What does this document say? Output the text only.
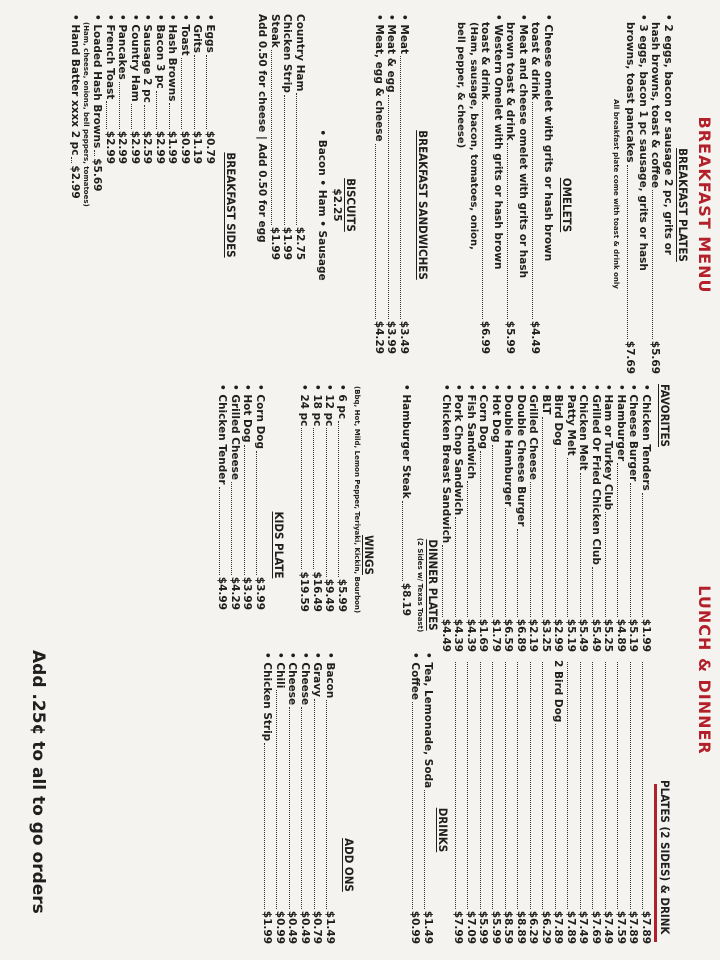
BREAKFAST MENU
BREAKFAST PLATES
• 2 eggs, bacon or sausage 2 pc, grits or
hash browns, toast & coffee
$5.69
• 3 eggs, bacon 1 pc sausage, grits or hash
browns, toast pancakes
$7.69
All breakfast plate come with toast & drink only
OMELETS
• Cheese omelet with grits or hash brown
toast & drink
$4.49
• Meat and cheese omelet with grits or hash
brown toast & drink
$5.99
• Western Omelet with grits or hash brown
toast & drink
$6.99
(Ham, sausage, bacon, tomatoes, onion,
bell pepper, & cheese)
BREAKFAST SANDWICHES
• Meat
$3.49
• Meat & egg
$3.99
• Meat, egg & cheese
$4.29
BISCUITS
$2.25
• Bacon • Ham • Sausage
Country Ham
$2.75
Chicken Strip
$1.99
Steak
$1.99
Add 0.50 for cheese | Add 0.50 for egg
BREAKFAST SIDES
• Eggs
$0.79
• Grits
$1.19
• Toast
$0.99
• Hash Browns
$1.99
• Bacon 3 pc
$2.99
• Sausage 2 pc
$2.59
• Country Ham
$2.99
• Pancakes
$2.99
• French Toast
$2.99
• Loaded Hash Browns
$5.69
(Ham, cheese, onions, bell peppers, tomatoes)
• Hand Batter xxxx 2 pc
$2.99
LUNCH & DINNER
FAVORITES
PLATES (2 SIDES) & DRINK
• Chicken Tenders
$1.99
$7.89
• Cheese Burger
$5.19
$7.89
• Hamburger
$4.89
$7.59
• Ham or Turkey Club
$5.25
$7.49
• Grilled Or Fried Chicken Club
$5.49
$7.69
• Chicken Melt
$5.49
$7.49
• Patty Melt
$5.19
$7.89
• Bird Dog
$2.99
2 Bird Dog
$7.89
• BLT
$3.25
$6.29
• Grilled Cheese
$2.19
$6.29
• Double Cheese Burger
$6.89
$8.89
• Double Hamburger
$6.59
$8.59
• Hot Dog
$1.79
$5.99
• Corn Dog
$1.69
$5.99
• Fish Sandwich
$4.39
$7.09
• Pork Chop Sandwich
$4.39
$7.99
• Chicken Breast Sandwich
$4.49
DINNER PLATES
(2 Sides w/ Texas Toast)
• Hamburger Steak
$8.19
WINGS
(Bbq, Hot, Mild, Lemon Pepper, Teriyaki, Kickin, Bourbon)
• 6 pc
$5.99
• 12 pc
$9.49
• 18 pc
$16.49
• 24 pc
$19.59
KIDS PLATE
• Corn Dog
$3.99
• Hot Dog
$3.99
• Grilled Cheese
$4.29
• Chicken Tender
$4.99
DRINKS
• Tea, Lemonade, Soda
$1.49
• Coffee
$0.99
ADD ONS
• Bacon
$1.49
• Gravy
$0.79
• Cheese
$0.49
• Cheese
$0.49
• Chili
$0.99
• Chicken Strip
$1.99
Add .25¢ to all to go orders
